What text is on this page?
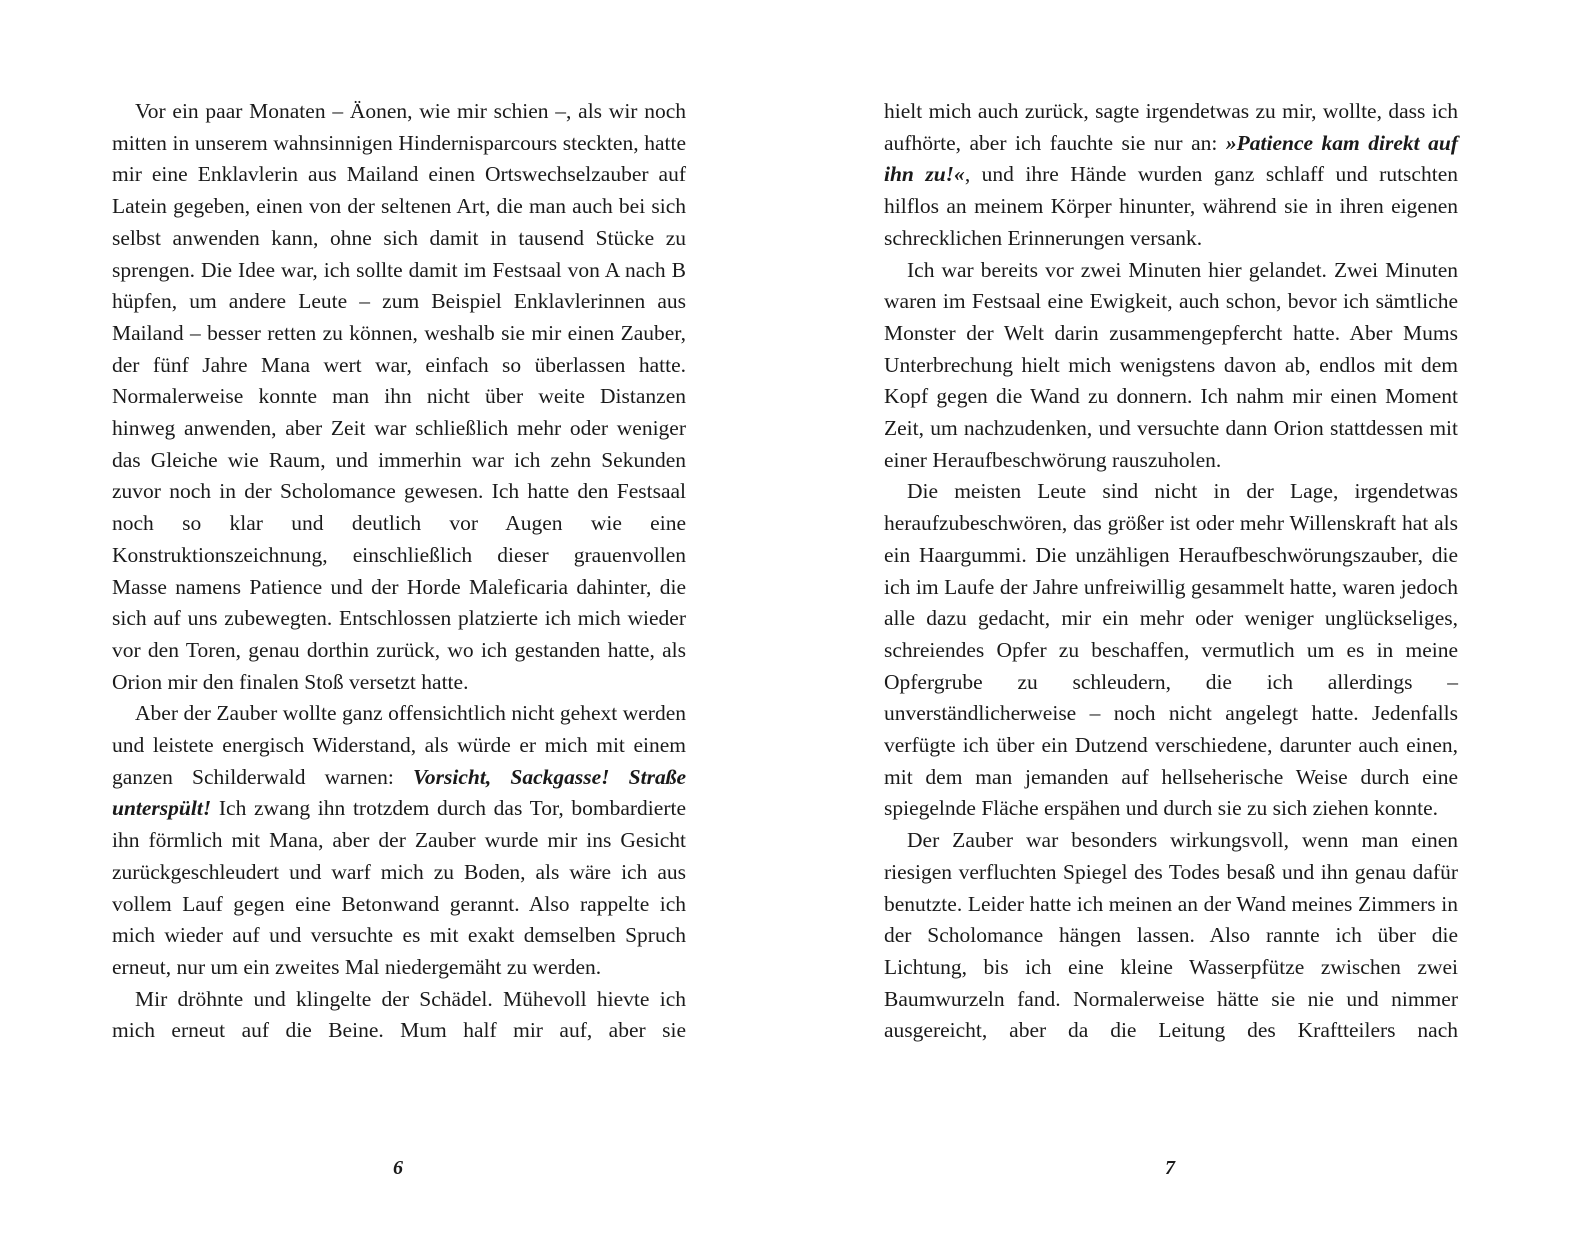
Vor ein paar Monaten – Äonen, wie mir schien –, als wir noch mitten in unserem wahnsinnigen Hindernisparcours steckten, hatte mir eine Enklavlerin aus Mailand einen Ortswechselzauber auf Latein gegeben, einen von der seltenen Art, die man auch bei sich selbst anwenden kann, ohne sich damit in tausend Stücke zu sprengen. Die Idee war, ich sollte damit im Festsaal von A nach B hüpfen, um andere Leute – zum Beispiel Enklavlerinnen aus Mailand – besser retten zu können, weshalb sie mir einen Zauber, der fünf Jahre Mana wert war, einfach so überlassen hatte. Normalerweise konnte man ihn nicht über weite Distanzen hinweg anwenden, aber Zeit war schließlich mehr oder weniger das Gleiche wie Raum, und immerhin war ich zehn Sekunden zuvor noch in der Scholomance gewesen. Ich hatte den Festsaal noch so klar und deutlich vor Augen wie eine Konstruktionszeichnung, einschließlich dieser grauenvollen Masse namens Patience und der Horde Maleficaria dahinter, die sich auf uns zubewegten. Entschlossen platzierte ich mich wieder vor den Toren, genau dorthin zurück, wo ich gestanden hatte, als Orion mir den finalen Stoß versetzt hatte.

Aber der Zauber wollte ganz offensichtlich nicht gehext werden und leistete energisch Widerstand, als würde er mich mit einem ganzen Schilderwald warnen: Vorsicht, Sackgasse! Straße unterspült! Ich zwang ihn trotzdem durch das Tor, bombardierte ihn förmlich mit Mana, aber der Zauber wurde mir ins Gesicht zurückgeschleudert und warf mich zu Boden, als wäre ich aus vollem Lauf gegen eine Betonwand gerannt. Also rappelte ich mich wieder auf und versuchte es mit exakt demselben Spruch erneut, nur um ein zweites Mal niedergemäht zu werden.

Mir dröhnte und klingelte der Schädel. Mühevoll hievte ich mich erneut auf die Beine. Mum half mir auf, aber sie

hielt mich auch zurück, sagte irgendetwas zu mir, wollte, dass ich aufhörte, aber ich fauchte sie nur an: »Patience kam direkt auf ihn zu!«, und ihre Hände wurden ganz schlaff und rutschten hilflos an meinem Körper hinunter, während sie in ihren eigenen schrecklichen Erinnerungen versank.

Ich war bereits vor zwei Minuten hier gelandet. Zwei Minuten waren im Festsaal eine Ewigkeit, auch schon, bevor ich sämtliche Monster der Welt darin zusammengepfercht hatte. Aber Mums Unterbrechung hielt mich wenigstens davon ab, endlos mit dem Kopf gegen die Wand zu donnern. Ich nahm mir einen Moment Zeit, um nachzudenken, und versuchte dann Orion stattdessen mit einer Heraufbeschwörung rauszuholen.

Die meisten Leute sind nicht in der Lage, irgendetwas heraufzubeschwören, das größer ist oder mehr Willenskraft hat als ein Haargummi. Die unzähligen Heraufbeschwörungszauber, die ich im Laufe der Jahre unfreiwillig gesammelt hatte, waren jedoch alle dazu gedacht, mir ein mehr oder weniger unglückseliges, schreiendes Opfer zu beschaffen, vermutlich um es in meine Opfergrube zu schleudern, die ich allerdings – unverständlicherweise – noch nicht angelegt hatte. Jedenfalls verfügte ich über ein Dutzend verschiedene, darunter auch einen, mit dem man jemanden auf hellseherische Weise durch eine spiegelnde Fläche erspähen und durch sie zu sich ziehen konnte.

Der Zauber war besonders wirkungsvoll, wenn man einen riesigen verfluchten Spiegel des Todes besaß und ihn genau dafür benutzte. Leider hatte ich meinen an der Wand meines Zimmers in der Scholomance hängen lassen. Also rannte ich über die Lichtung, bis ich eine kleine Wasserpfütze zwischen zwei Baumwurzeln fand. Normalerweise hätte sie nie und nimmer ausgereicht, aber da die Leitung des Kraftteilers nach

6	7
